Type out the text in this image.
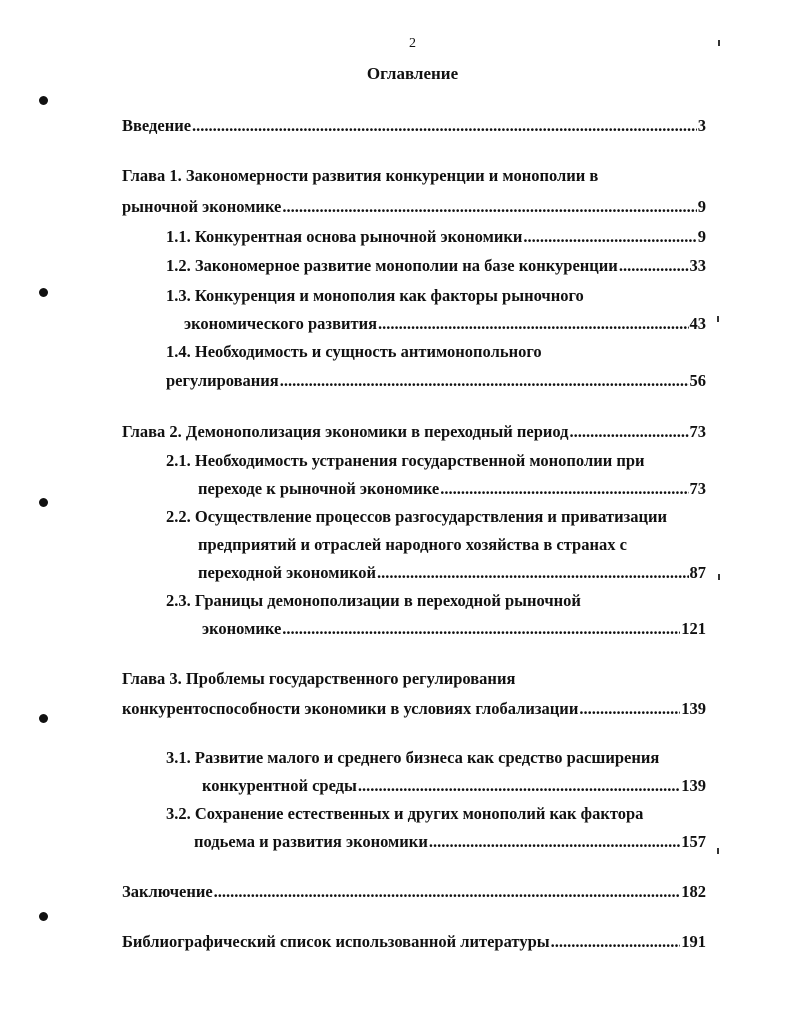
2
Оглавление
Введение .....	3
Глава 1. Закономерности развития конкуренции и монополии в
рыночной экономике .....	9
1.1. Конкурентная основа рыночной экономики .....	9
1.2. Закономерное развитие монополии на базе конкуренции .....	33
1.3. Конкуренция и монополия как факторы рыночного
экономического развития .....	43
1.4. Необходимость и сущность антимонопольного
регулирования .....	56
Глава 2. Демонополизация экономики в переходный период .....	73
2.1. Необходимость устранения государственной монополии при
переходе к рыночной экономике .....	73
2.2. Осуществление процессов разгосударствления и приватизации
предприятий и отраслей народного хозяйства в странах с
переходной экономикой .....	87
2.3. Границы демонополизации в переходной рыночной
экономике .....	121
Глава 3. Проблемы государственного регулирования
конкурентоспособности экономики в условиях глобализации .....	139
3.1. Развитие малого и среднего бизнеса как средство расширения
конкурентной среды .....	139
3.2. Сохранение естественных и других монополий как фактора
подьема и развития экономики .....	157
Заключение .....	182
Библиографический список использованной литературы .....	191
